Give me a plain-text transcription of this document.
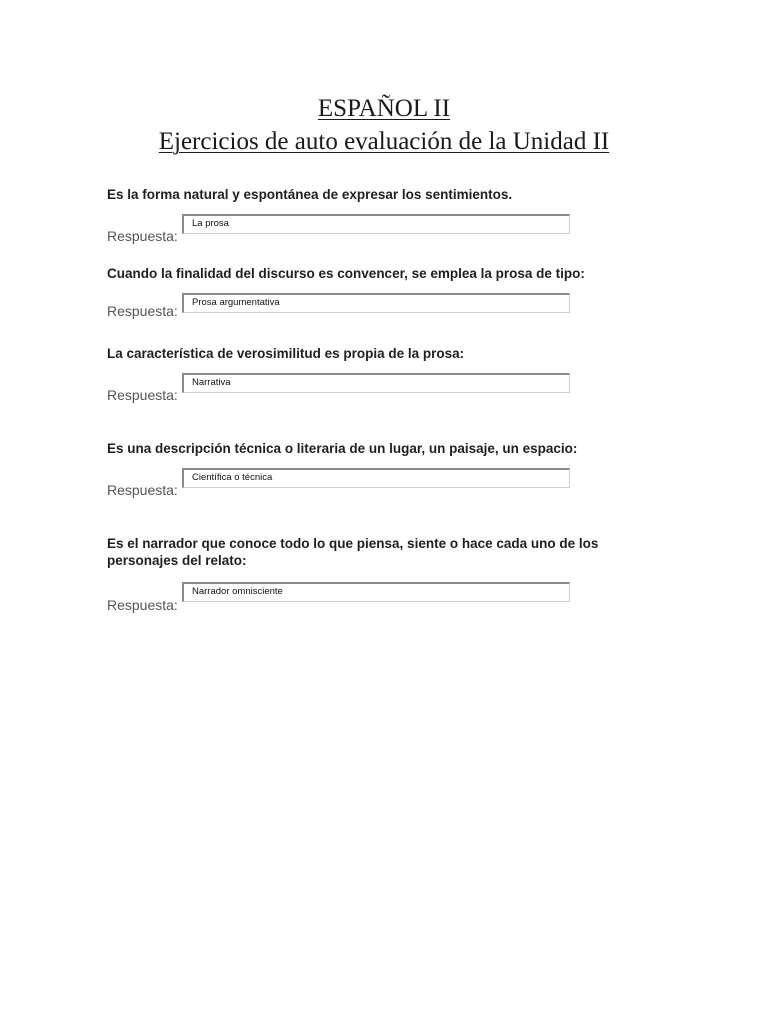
ESPAÑOL II
Ejercicios de auto evaluación de la Unidad II
Es la forma natural y espontánea de expresar los sentimientos.
Respuesta:
La prosa
Cuando la finalidad del discurso es convencer, se emplea la prosa de tipo:
Respuesta:
Prosa argumentativa
La característica de verosimilitud es propia de la prosa:
Respuesta:
Narrativa
Es una descripción técnica o literaria de un lugar, un paisaje, un espacio:
Respuesta:
Científica o técnica
Es el narrador que conoce todo lo que piensa, siente o hace cada uno de los personajes del relato:
Respuesta:
Narrador omnisciente
